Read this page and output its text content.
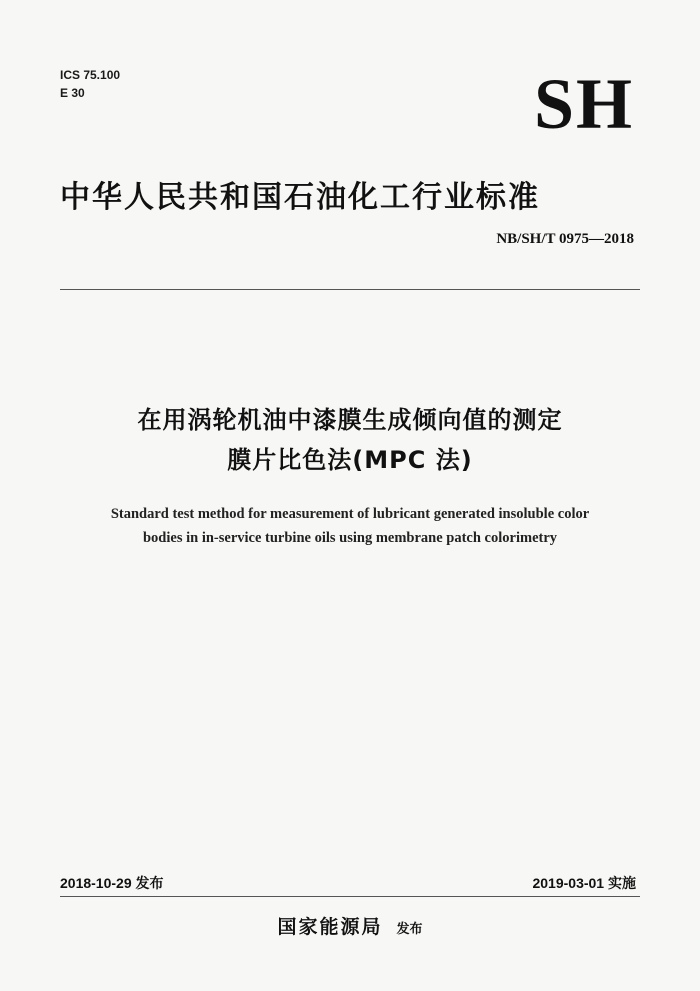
ICS 75.100
E 30	SH
中华人民共和国石油化工行业标准
NB/SH/T 0975—2018
在用涡轮机油中漆膜生成倾向值的测定
膜片比色法(MPC 法)
Standard test method for measurement of lubricant generated insoluble color
bodies in in-service turbine oils using membrane patch colorimetry
2018-10-29 发布	2019-03-01 实施
国家能源局 发布
